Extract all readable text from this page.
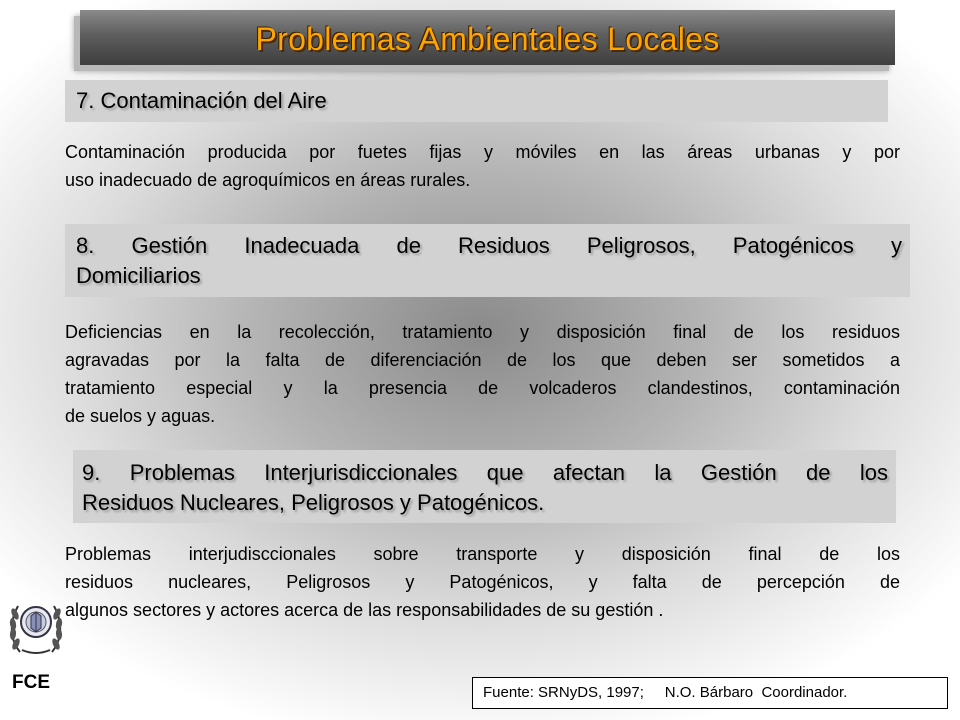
Problemas Ambientales Locales
7. Contaminación del Aire
Contaminación producida por fuetes fijas y móviles en las áreas urbanas y por
uso inadecuado de agroquímicos en áreas rurales.
8. Gestión Inadecuada de Residuos Peligrosos, Patogénicos y
Domiciliarios
Deficiencias en la recolección, tratamiento y disposición final de los residuos
agravadas por la falta de diferenciación de los que deben ser sometidos a
tratamiento especial y la presencia de volcaderos clandestinos, contaminación
de suelos y aguas.
9. Problemas Interjurisdiccionales que afectan la Gestión de los
Residuos Nucleares, Peligrosos y Patogénicos.
Problemas interjudisccionales sobre transporte y disposición final de los
residuos nucleares, Peligrosos y Patogénicos, y falta de percepción de
algunos sectores y actores acerca de las responsabilidades de su gestión .
FCE	Fuente: SRNyDS, 1997;     N.O. Bárbaro  Coordinador.
